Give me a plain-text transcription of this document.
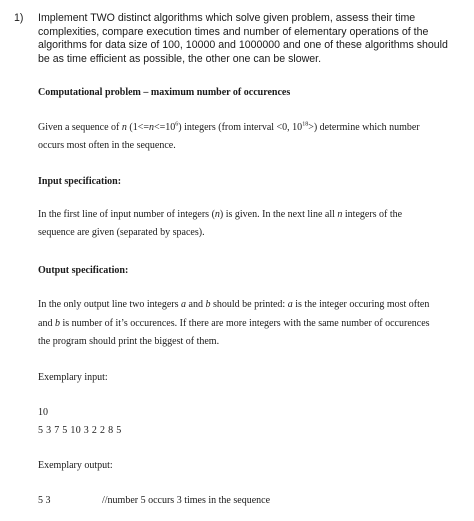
1) Implement TWO distinct algorithms which solve given problem, assess their time complexities, compare execution times and number of elementary operations of the algorithms for data size of 100, 10000 and 1000000 and one of these algorithms should be as time efficient as possible, the other one can be slower.
Computational problem – maximum number of occurences
Given a sequence of n $(1<=n<=10^6)$ integers (from interval <0, $10^{18}>$) determine which number
occurs most often in the sequence.
Input specification:
In the first line of input number of integers (n) is given. In the next line all n integers of the
sequence are given (separated by spaces).
Output specification:
In the only output line two integers a and b should be printed: a is the integer occuring most often
and b is number of it’s occurences. If there are more integers with the same number of occurences
the program should print the biggest of them.
Exemplary input:
10
5 3 7 5 10 3 2 2 8 5
Exemplary output:
5 3	//number 5 occurs 3 times in the sequence
